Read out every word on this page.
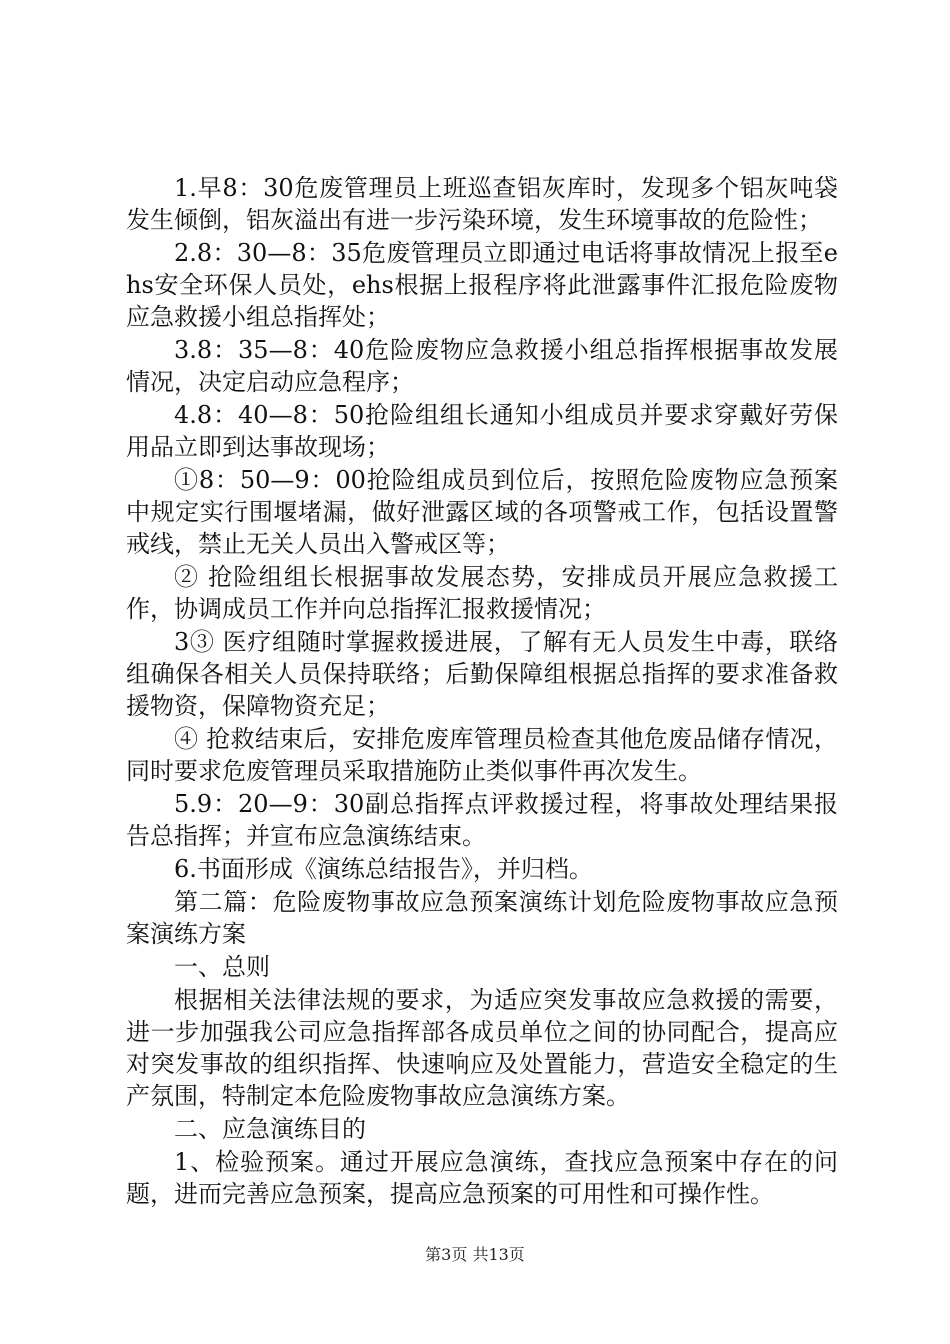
1.早8：30危废管理员上班巡查铝灰库时，发现多个铝灰吨袋发生倾倒，铝灰溢出有进一步污染环境，发生环境事故的危险性；

2.8：30—8：35危废管理员立即通过电话将事故情况上报至ehs安全环保人员处，ehs根据上报程序将此泄露事件汇报危险废物应急救援小组总指挥处；

3.8：35—8：40危险废物应急救援小组总指挥根据事故发展情况，决定启动应急程序；

4.8：40—8：50抢险组组长通知小组成员并要求穿戴好劳保用品立即到达事故现场；

①8：50—9：00抢险组成员到位后，按照危险废物应急预案中规定实行围堰堵漏，做好泄露区域的各项警戒工作，包括设置警戒线，禁止无关人员出入警戒区等；

② 抢险组组长根据事故发展态势，安排成员开展应急救援工作，协调成员工作并向总指挥汇报救援情况；

3③ 医疗组随时掌握救援进展，了解有无人员发生中毒，联络组确保各相关人员保持联络；后勤保障组根据总指挥的要求准备救援物资，保障物资充足；

④ 抢救结束后，安排危废库管理员检查其他危废品储存情况，同时要求危废管理员采取措施防止类似事件再次发生。

5.9：20—9：30副总指挥点评救援过程，将事故处理结果报告总指挥；并宣布应急演练结束。

6.书面形成《演练总结报告》，并归档。

第二篇：危险废物事故应急预案演练计划危险废物事故应急预案演练方案

一、总则

根据相关法律法规的要求，为适应突发事故应急救援的需要，进一步加强我公司应急指挥部各成员单位之间的协同配合，提高应对突发事故的组织指挥、快速响应及处置能力，营造安全稳定的生产氛围，特制定本危险废物事故应急演练方案。

二、应急演练目的

1、检验预案。通过开展应急演练，查找应急预案中存在的问题，进而完善应急预案，提高应急预案的可用性和可操作性。

第3页 共13页
